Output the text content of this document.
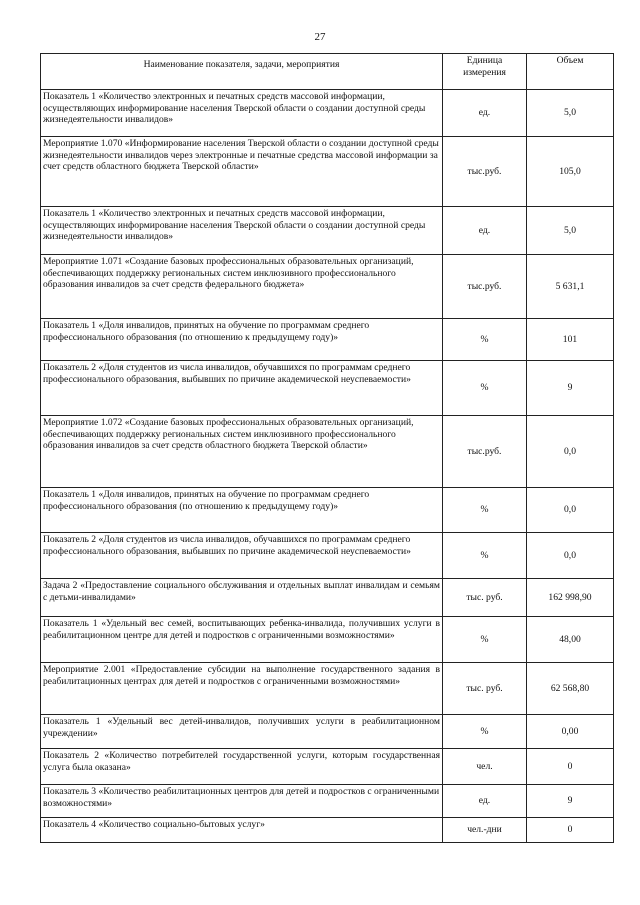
27
Наименование показателя, задачи, мероприятия	Единица измерения	Объем
Показатель 1 «Количество электронных и печатных средств массовой информации, осуществляющих информирование населения Тверской области о создании доступной среды жизнедеятельности инвалидов»	ед.	5,0
Мероприятие 1.070 «Информирование населения Тверской области о создании доступной среды жизнедеятельности инвалидов через электронные и печатные средства массовой информации за счет средств областного бюджета Тверской области»	тыс.руб.	105,0
Показатель 1 «Количество электронных и печатных средств массовой информации, осуществляющих информирование населения Тверской области о создании доступной среды жизнедеятельности инвалидов»	ед.	5,0
Мероприятие 1.071 «Создание базовых профессиональных образовательных организаций, обеспечивающих поддержку региональных систем инклюзивного профессионального образования инвалидов за счет средств федерального бюджета»	тыс.руб.	5 631,1
Показатель 1 «Доля инвалидов, принятых на обучение по программам среднего профессионального образования (по отношению к предыдущему году)»	%	101
Показатель 2 «Доля студентов из числа инвалидов, обучавшихся по программам среднего профессионального образования, выбывших по причине академической неуспеваемости»	%	9
Мероприятие 1.072 «Создание базовых профессиональных образовательных организаций, обеспечивающих поддержку региональных систем инклюзивного профессионального образования инвалидов за счет средств областного бюджета Тверской области»	тыс.руб.	0,0
Показатель 1 «Доля инвалидов, принятых на обучение по программам среднего профессионального образования (по отношению к предыдущему году)»	%	0,0
Показатель 2 «Доля студентов из числа инвалидов, обучавшихся по программам среднего профессионального образования, выбывших по причине академической неуспеваемости»	%	0,0
Задача 2 «Предоставление социального обслуживания и отдельных выплат инвалидам и семьям с детьми-инвалидами»	тыс. руб.	162 998,90
Показатель 1 «Удельный вес семей, воспитывающих ребенка-инвалида, получивших услуги в реабилитационном центре для детей и подростков с ограниченными возможностями»	%	48,00
Мероприятие 2.001 «Предоставление субсидии на выполнение государственного задания в реабилитационных центрах для детей и подростков с ограниченными возможностями»	тыс. руб.	62 568,80
Показатель 1 «Удельный вес детей-инвалидов, получивших услуги в реабилитационном учреждении»	%	0,00
Показатель 2 «Количество потребителей государственной услуги, которым государственная услуга была оказана»	чел.	0
Показатель 3 «Количество реабилитационных центров для детей и подростков с ограниченными возможностями»	ед.	9
Показатель 4 «Количество социально-бытовых услуг»	чел.-дни	0
